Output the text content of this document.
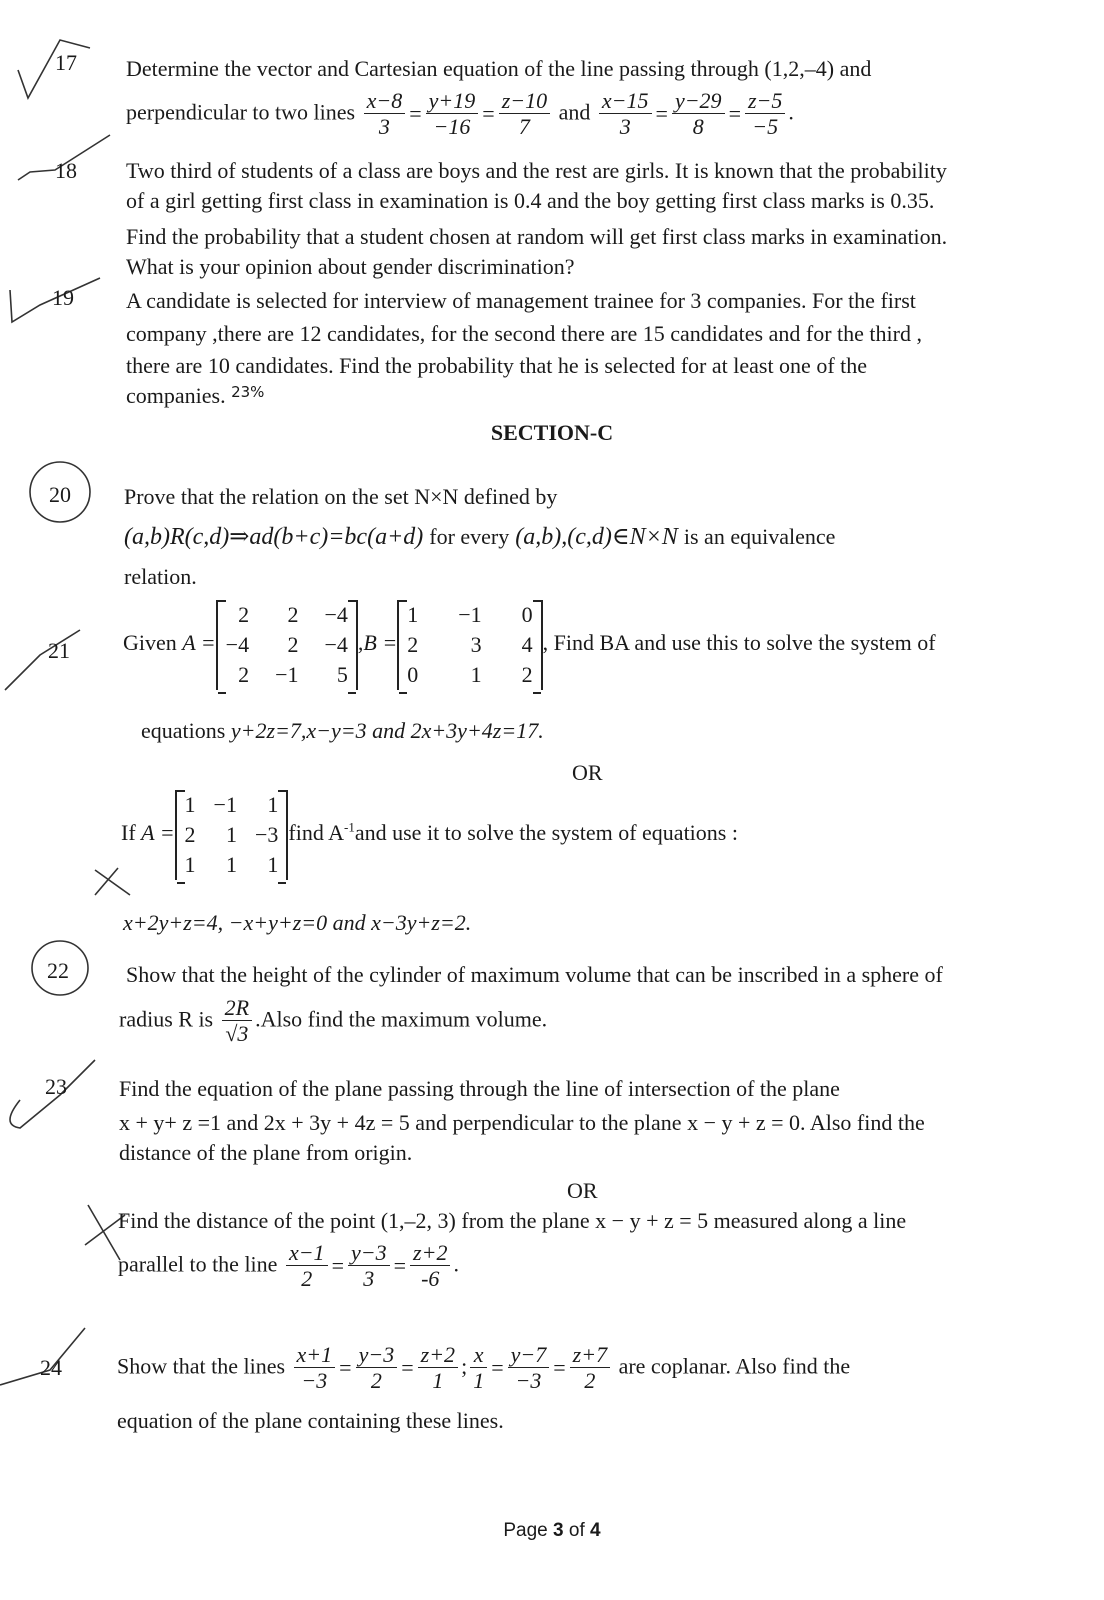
17 Determine the vector and Cartesian equation of the line passing through (1,2,–4) and
perpendicular to two lines $\frac{x-8}{3} = \frac{y+19}{-16} = \frac{z-10}{7}$ and $\frac{x-15}{3} = \frac{y-29}{8} = \frac{z-5}{-5}$ .
18 Two third of students of a class are boys and the rest are girls. It is known that the probability
of a girl getting first class in examination is 0.4 and the boy getting first class marks is 0.35.
Find the probability that a student chosen at random will get first class marks in examination.
What is your opinion about gender discrimination?
19 A candidate is selected for interview of management trainee for 3 companies. For the first
company ,there are 12 candidates, for the second there are 15 candidates and for the third ,
there are 10 candidates. Find the probability that he is selected for at least one of the
companies. $^{23\%}$
SECTION-C
20 Prove that the relation on the set N×N defined by
(a,b)R(c,d)⇒ad(b+c)=bc(a+d) for every (a,b),(c,d)∈N×N is an equivalence
relation.
21 Given A =
2	2 −4
−4	2 −4
2 −1	5
,B =
1 −1 0
2	3 4
0	1 2
, Find BA and use this to solve the system of
equations y+2z=7,x−y=3 and 2x+3y+4z=17.
OR
If A =
1 −1	1
2	1 −3
1	1	1
find $A^{-1}and$ use it to solve the system of equations :
x+2y+z=4, −x+y+z=0 and x−3y+z=2.
22	Show that the height of the cylinder of maximum volume that can be inscribed in a sphere of
radius R is $\frac{2R}{√3}$ .Also find the maximum volume.
23 Find the equation of the plane passing through the line of intersection of the plane
x + y+ z =1 and 2x + 3y + 4z = 5 and perpendicular to the plane x − y + z = 0. Also find the
distance of the plane from origin.
OR
Find the distance of the point (1,–2, 3) from the plane x − y + z = 5 measured along a line
parallel to the line $\frac{x-1}{2} = \frac{y-3}{3} = \frac{z+2}{-6}$ .
24	Show that the lines $\frac{x+1}{-3} = \frac{y-3}{2} = \frac{z+2}{1}$ ; $\frac{x}{1} = \frac{y-7}{-3} = \frac{z+7}{2}$ are coplanar. Also find the
equation of the plane containing these lines.
Page 3 of 4
